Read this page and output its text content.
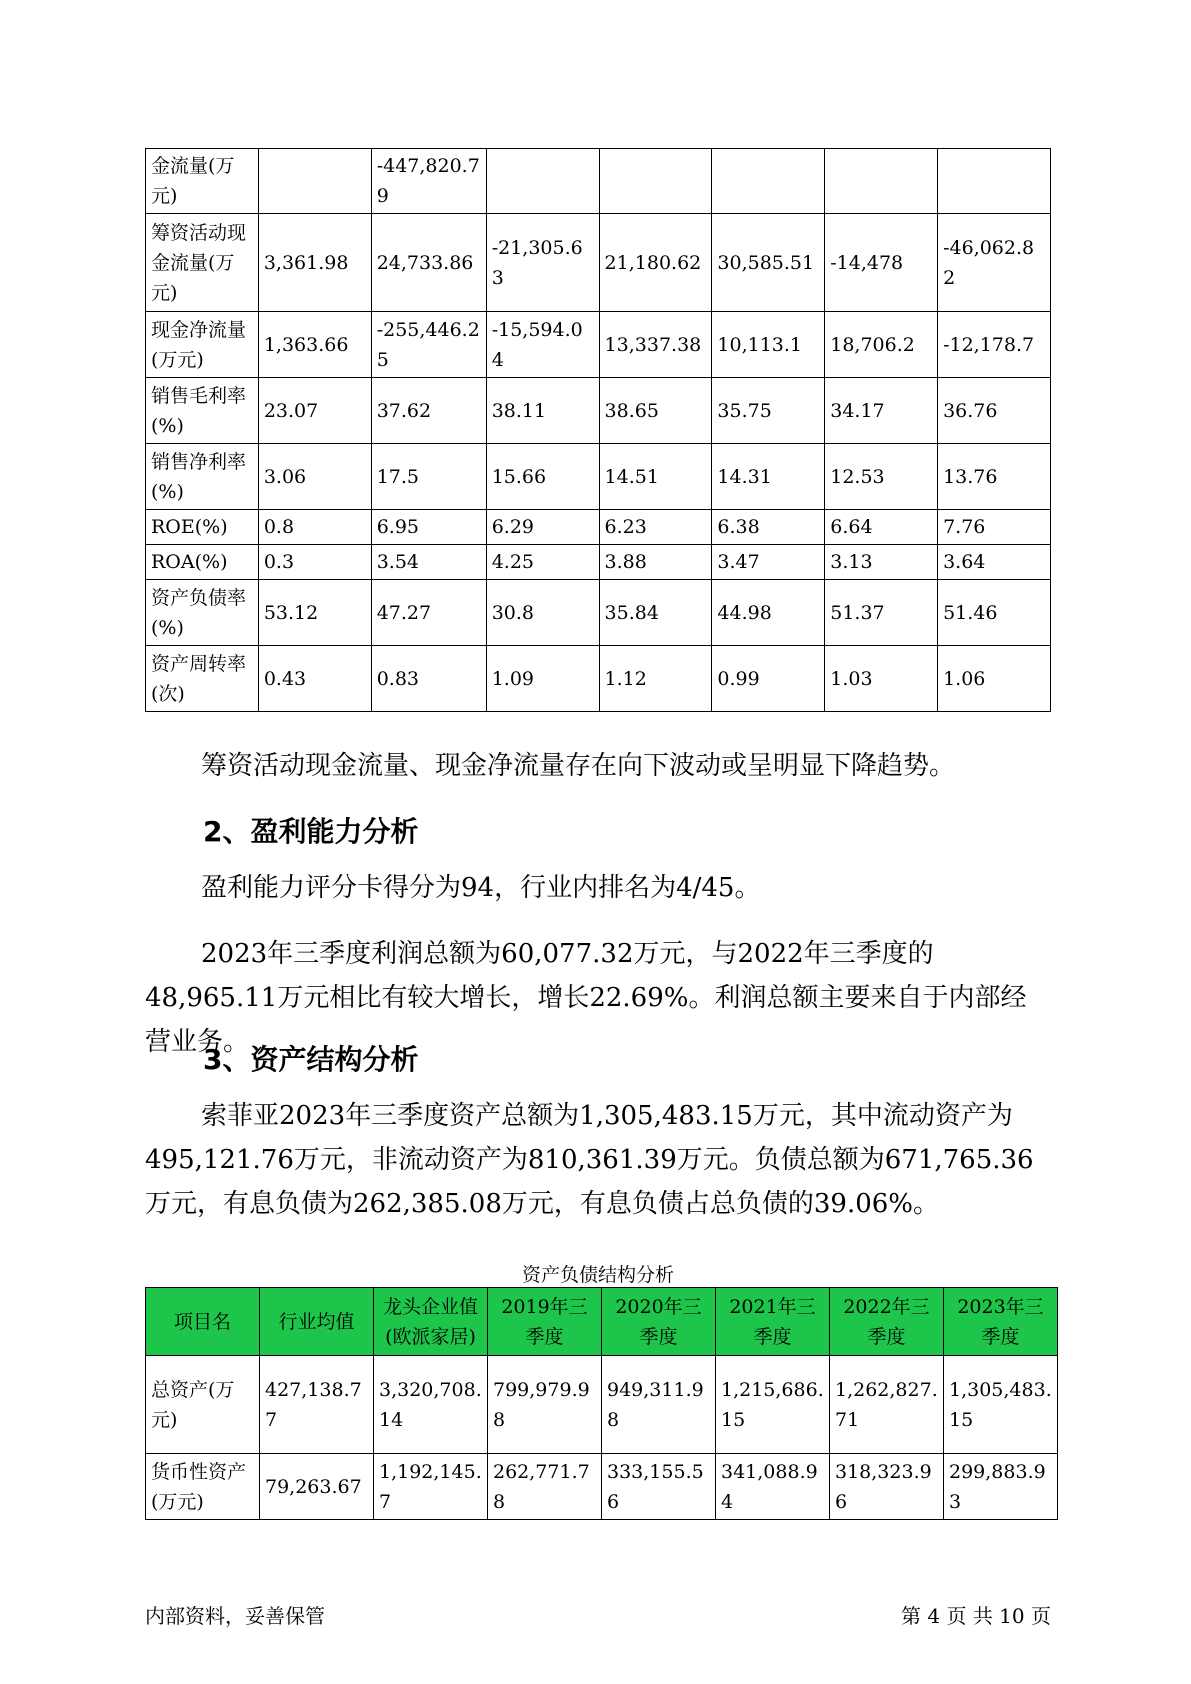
金流量(万元)		-447,820.79					
筹资活动现金流量(万元)	3,361.98	24,733.86	-21,305.63	21,180.62	30,585.51	-14,478	-46,062.82
现金净流量(万元)	1,363.66	-255,446.25	-15,594.04	13,337.38	10,113.1	18,706.2	-12,178.7
销售毛利率(%)	23.07	37.62	38.11	38.65	35.75	34.17	36.76
销售净利率(%)	3.06	17.5	15.66	14.51	14.31	12.53	13.76
ROE(%)	0.8	6.95	6.29	6.23	6.38	6.64	7.76
ROA(%)	0.3	3.54	4.25	3.88	3.47	3.13	3.64
资产负债率(%)	53.12	47.27	30.8	35.84	44.98	51.37	51.46
资产周转率(次)	0.43	0.83	1.09	1.12	0.99	1.03	1.06

筹资活动现金流量、现金净流量存在向下波动或呈明显下降趋势。

2、盈利能力分析

盈利能力评分卡得分为94，行业内排名为4/45。

2023年三季度利润总额为60,077.32万元，与2022年三季度的48,965.11万元相比有较大增长，增长22.69%。利润总额主要来自于内部经营业务。

3、资产结构分析

索菲亚2023年三季度资产总额为1,305,483.15万元，其中流动资产为495,121.76万元，非流动资产为810,361.39万元。负债总额为671,765.36万元，有息负债为262,385.08万元，有息负债占总负债的39.06%。

资产负债结构分析
项目名	行业均值	龙头企业值(欧派家居)	2019年三季度	2020年三季度	2021年三季度	2022年三季度	2023年三季度
总资产(万元)	427,138.77	3,320,708.14	799,979.98	949,311.98	1,215,686.15	1,262,827.71	1,305,483.15
货币性资产(万元)	79,263.67	1,192,145.7	262,771.78	333,155.56	341,088.94	318,323.96	299,883.93
内部资料，妥善保管	第 4 页 共 10 页
